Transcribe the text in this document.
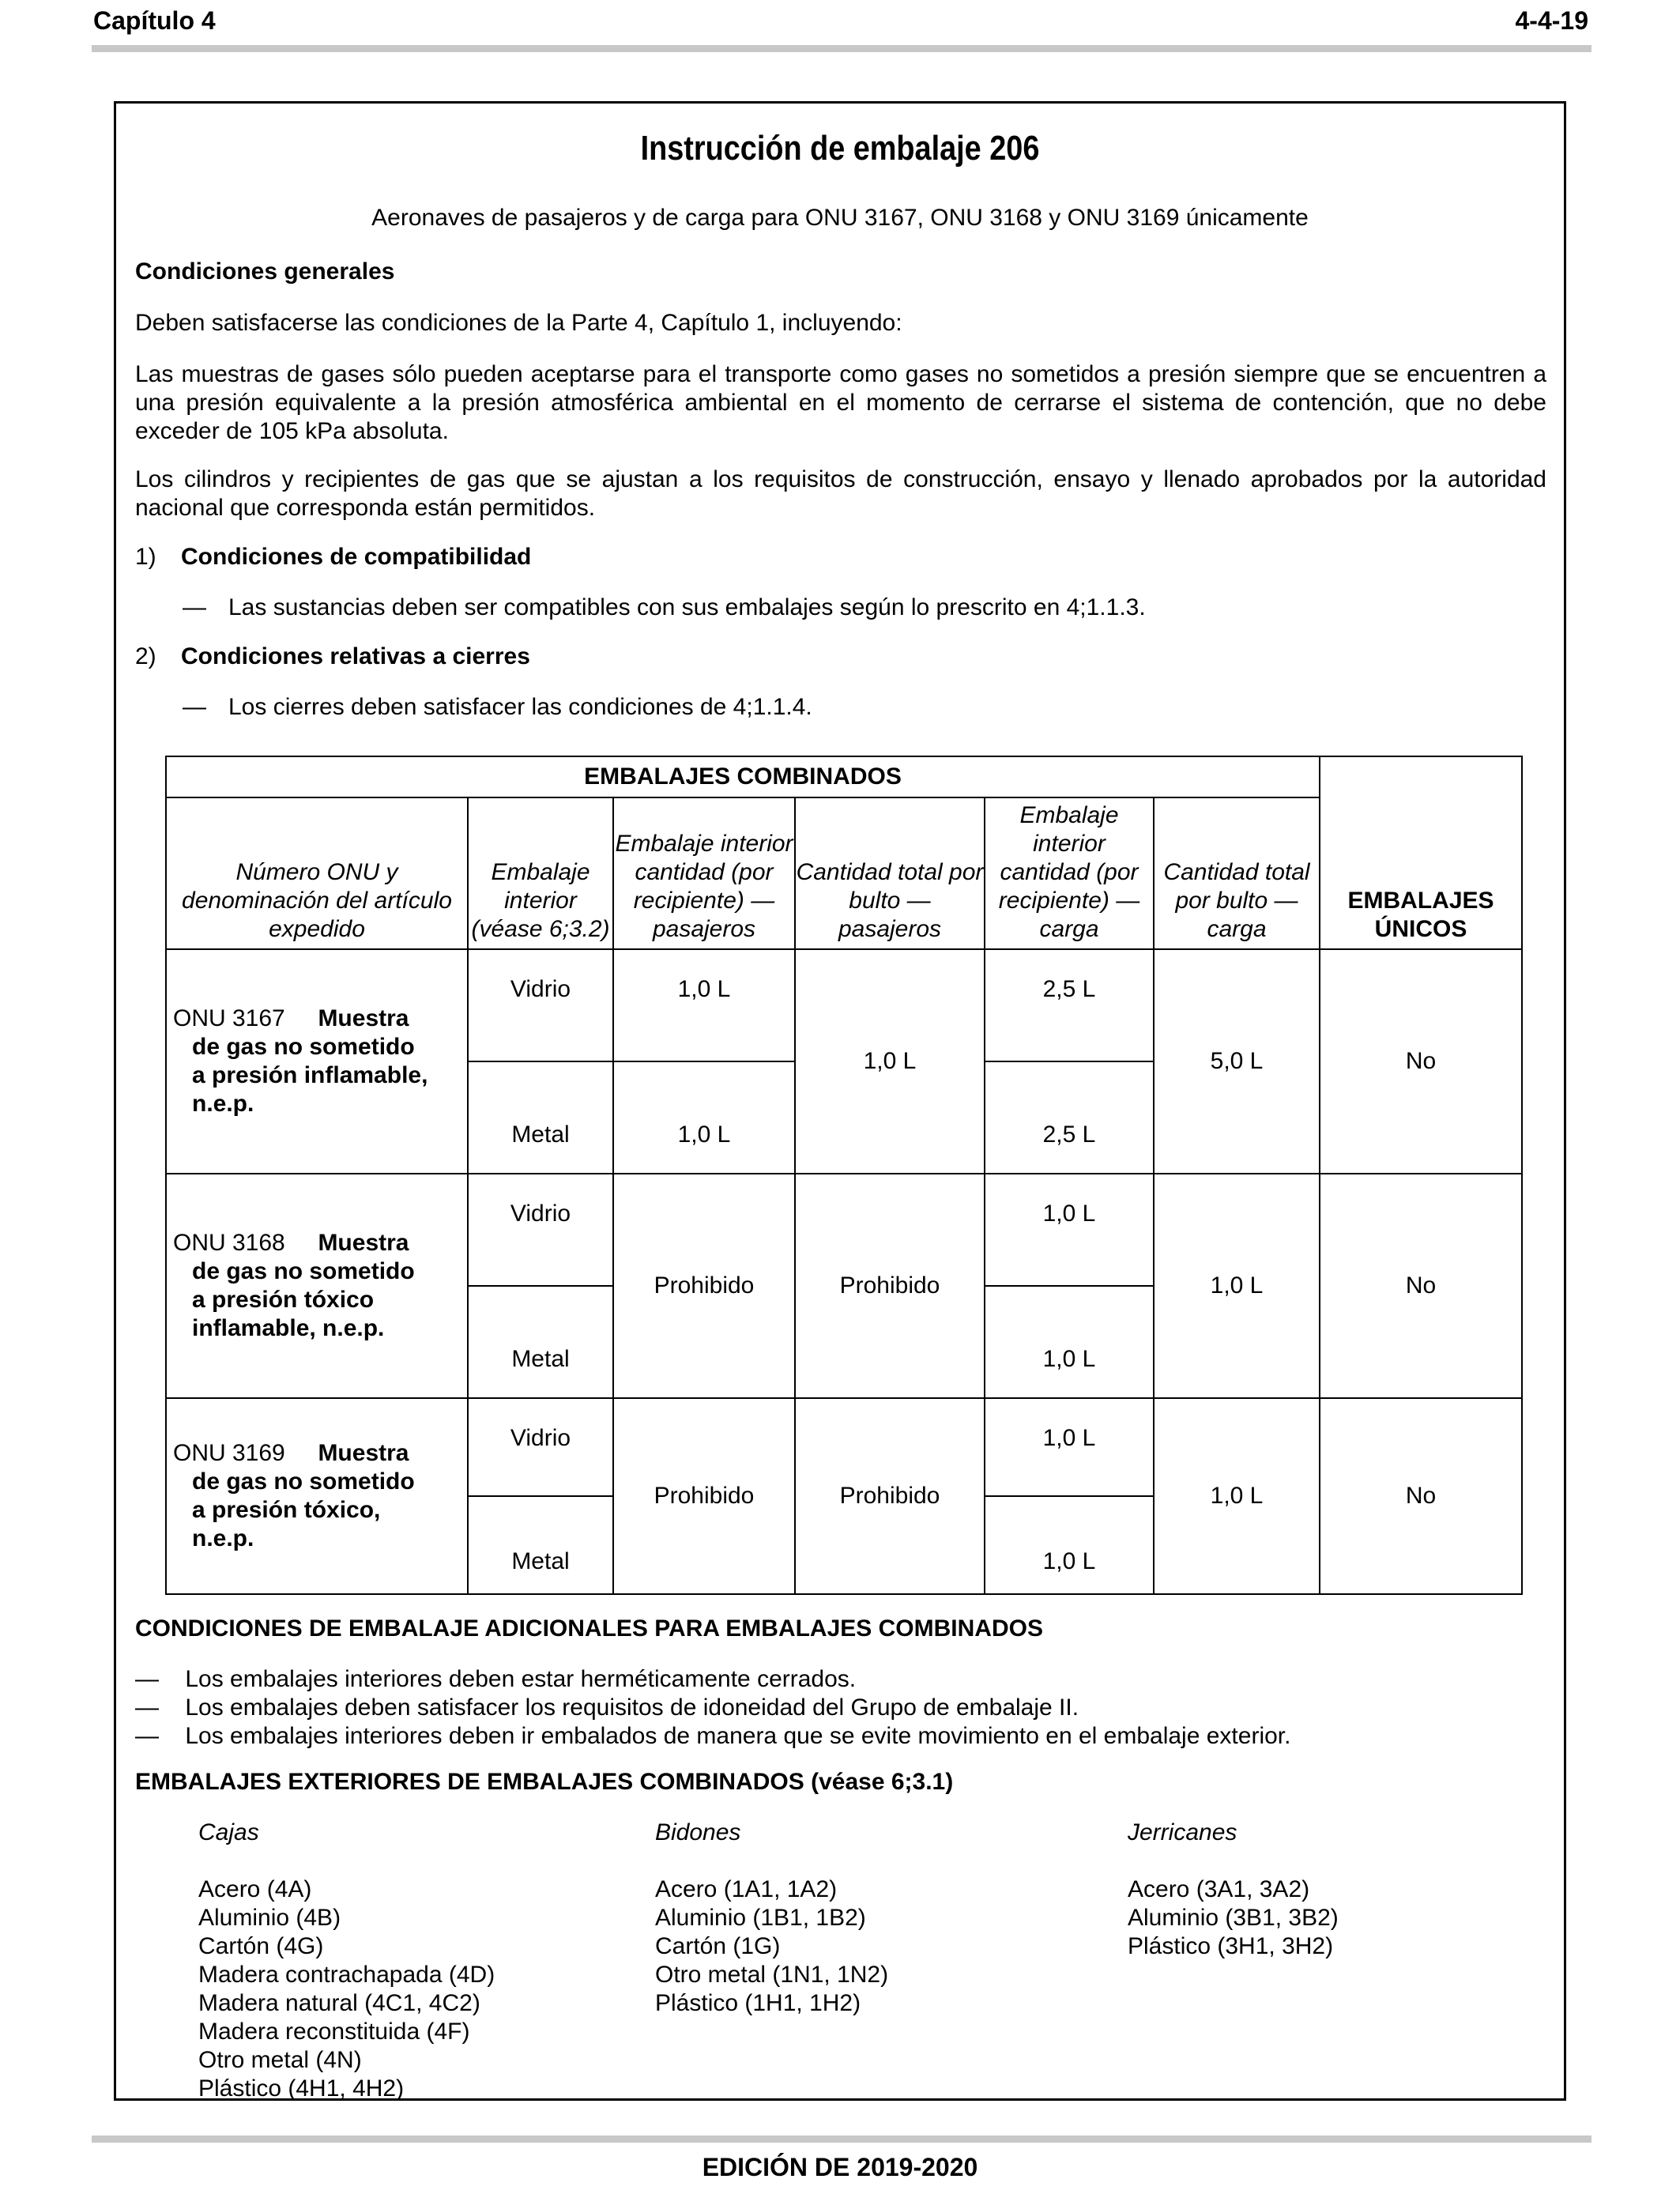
Capítulo 4	4-4-19
Instrucción de embalaje 206
Aeronaves de pasajeros y de carga para ONU 3167, ONU 3168 y ONU 3169 únicamente
Condiciones generales
Deben satisfacerse las condiciones de la Parte 4, Capítulo 1, incluyendo:
Las muestras de gases sólo pueden aceptarse para el transporte como gases no sometidos a presión siempre que se encuentren a una presión equivalente a la presión atmosférica ambiental en el momento de cerrarse el sistema de contención, que no debe exceder de 105 kPa absoluta.
Los cilindros y recipientes de gas que se ajustan a los requisitos de construcción, ensayo y llenado aprobados por la autoridad nacional que corresponda están permitidos.
1) Condiciones de compatibilidad
— Las sustancias deben ser compatibles con sus embalajes según lo prescrito en 4;1.1.3.
2) Condiciones relativas a cierres
— Los cierres deben satisfacer las condiciones de 4;1.1.4.
EMBALAJES COMBINADOS						EMBALAJES ÚNICOS
Número ONU y denominación del artículo expedido	Embalaje interior (véase 6;3.2)	Embalaje interior cantidad (por recipiente) — pasajeros	Cantidad total por bulto — pasajeros	Embalaje interior cantidad (por recipiente) — carga	Cantidad total por bulto — carga	

ONU 3167 Muestra
de gas no sometido
a presión inflamable,
n.e.p.	Vidrio	1,0 L	1,0 L	2,5 L	5,0 L	No
	Metal	1,0 L		2,5 L		

ONU 3168 Muestra
de gas no sometido
a presión tóxico
inflamable, n.e.p.	Vidrio	Prohibido	Prohibido	1,0 L	1,0 L	No
	Metal			1,0 L		

ONU 3169 Muestra
de gas no sometido
a presión tóxico,
n.e.p.	Vidrio	Prohibido	Prohibido	1,0 L	1,0 L	No
	Metal			1,0 L		
CONDICIONES DE EMBALAJE ADICIONALES PARA EMBALAJES COMBINADOS
— Los embalajes interiores deben estar herméticamente cerrados.
— Los embalajes deben satisfacer los requisitos de idoneidad del Grupo de embalaje II.
— Los embalajes interiores deben ir embalados de manera que se evite movimiento en el embalaje exterior.
EMBALAJES EXTERIORES DE EMBALAJES COMBINADOS (véase 6;3.1)
Cajas
Acero (4A)
Aluminio (4B)
Cartón (4G)
Madera contrachapada (4D)
Madera natural (4C1, 4C2)
Madera reconstituida (4F)
Otro metal (4N)
Plástico (4H1, 4H2)
Bidones
Acero (1A1, 1A2)
Aluminio (1B1, 1B2)
Cartón (1G)
Otro metal (1N1, 1N2)
Plástico (1H1, 1H2)
Jerricanes
Acero (3A1, 3A2)
Aluminio (3B1, 3B2)
Plástico (3H1, 3H2)
EDICIÓN DE 2019-2020
